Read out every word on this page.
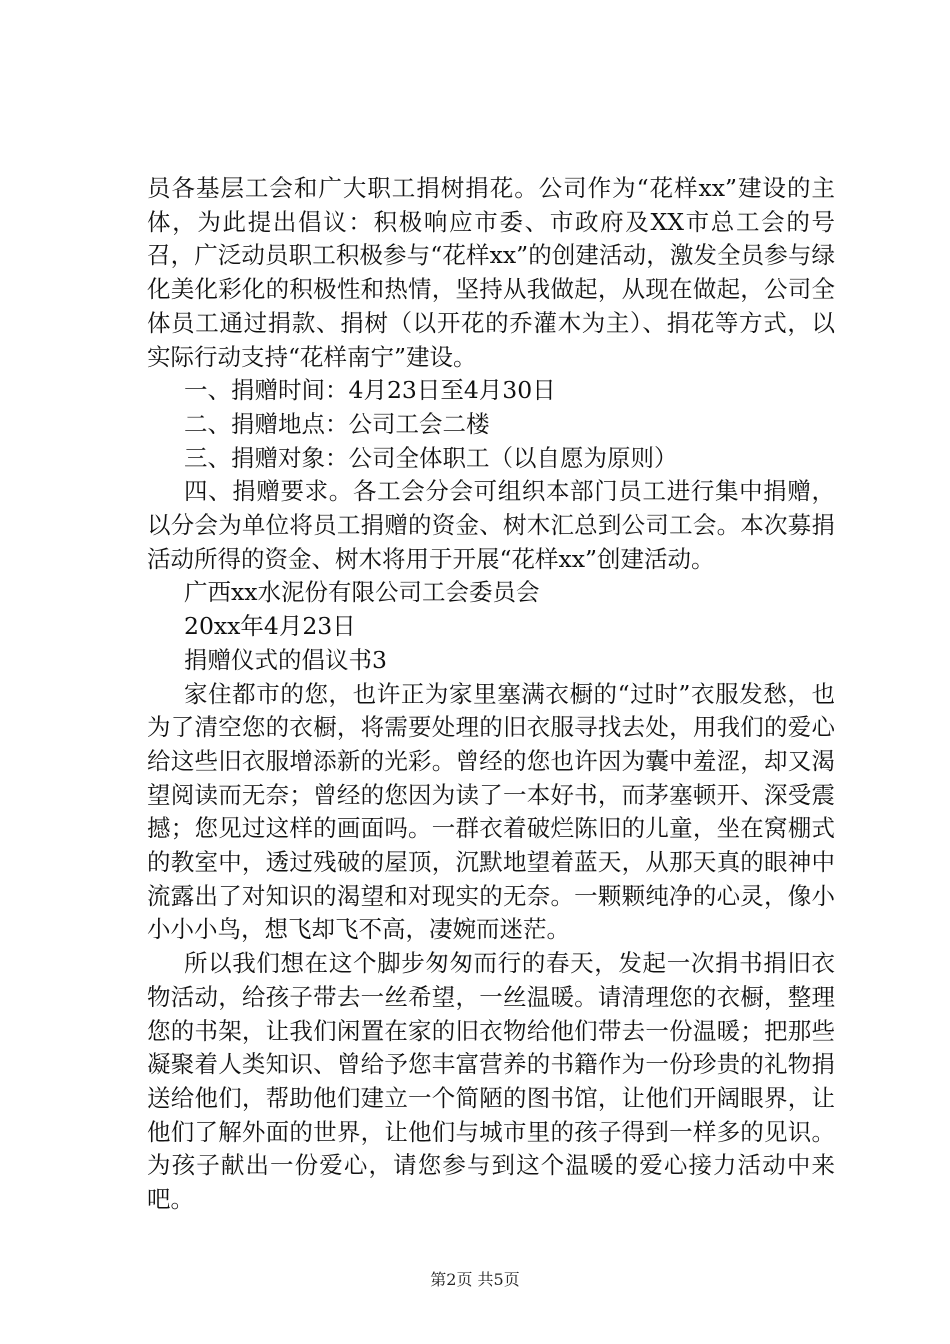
员各基层工会和广大职工捐树捐花。公司作为“花样xx”建设的主体，为此提出倡议：积极响应市委、市政府及XX市总工会的号召，广泛动员职工积极参与“花样xx”的创建活动，激发全员参与绿化美化彩化的积极性和热情，坚持从我做起，从现在做起，公司全体员工通过捐款、捐树（以开花的乔灌木为主）、捐花等方式，以实际行动支持“花样南宁”建设。

一、捐赠时间：4月23日至4月30日

二、捐赠地点：公司工会二楼

三、捐赠对象：公司全体职工（以自愿为原则）

四、捐赠要求。各工会分会可组织本部门员工进行集中捐赠，以分会为单位将员工捐赠的资金、树木汇总到公司工会。本次募捐活动所得的资金、树木将用于开展“花样xx”创建活动。

广西xx水泥份有限公司工会委员会

20xx年4月23日

捐赠仪式的倡议书3

家住都市的您，也许正为家里塞满衣橱的“过时”衣服发愁，也为了清空您的衣橱，将需要处理的旧衣服寻找去处，用我们的爱心给这些旧衣服增添新的光彩。曾经的您也许因为囊中羞涩，却又渴望阅读而无奈；曾经的您因为读了一本好书，而茅塞顿开、深受震撼；您见过这样的画面吗。一群衣着破烂陈旧的儿童，坐在窝棚式的教室中，透过残破的屋顶，沉默地望着蓝天，从那天真的眼神中流露出了对知识的渴望和对现实的无奈。一颗颗纯净的心灵，像小小小小鸟，想飞却飞不高，凄婉而迷茫。

所以我们想在这个脚步匆匆而行的春天，发起一次捐书捐旧衣物活动，给孩子带去一丝希望，一丝温暖。请清理您的衣橱，整理您的书架，让我们闲置在家的旧衣物给他们带去一份温暖；把那些凝聚着人类知识、曾给予您丰富营养的书籍作为一份珍贵的礼物捐送给他们，帮助他们建立一个简陋的图书馆，让他们开阔眼界，让他们了解外面的世界，让他们与城市里的孩子得到一样多的见识。为孩子献出一份爱心，请您参与到这个温暖的爱心接力活动中来吧。

第2页 共5页
